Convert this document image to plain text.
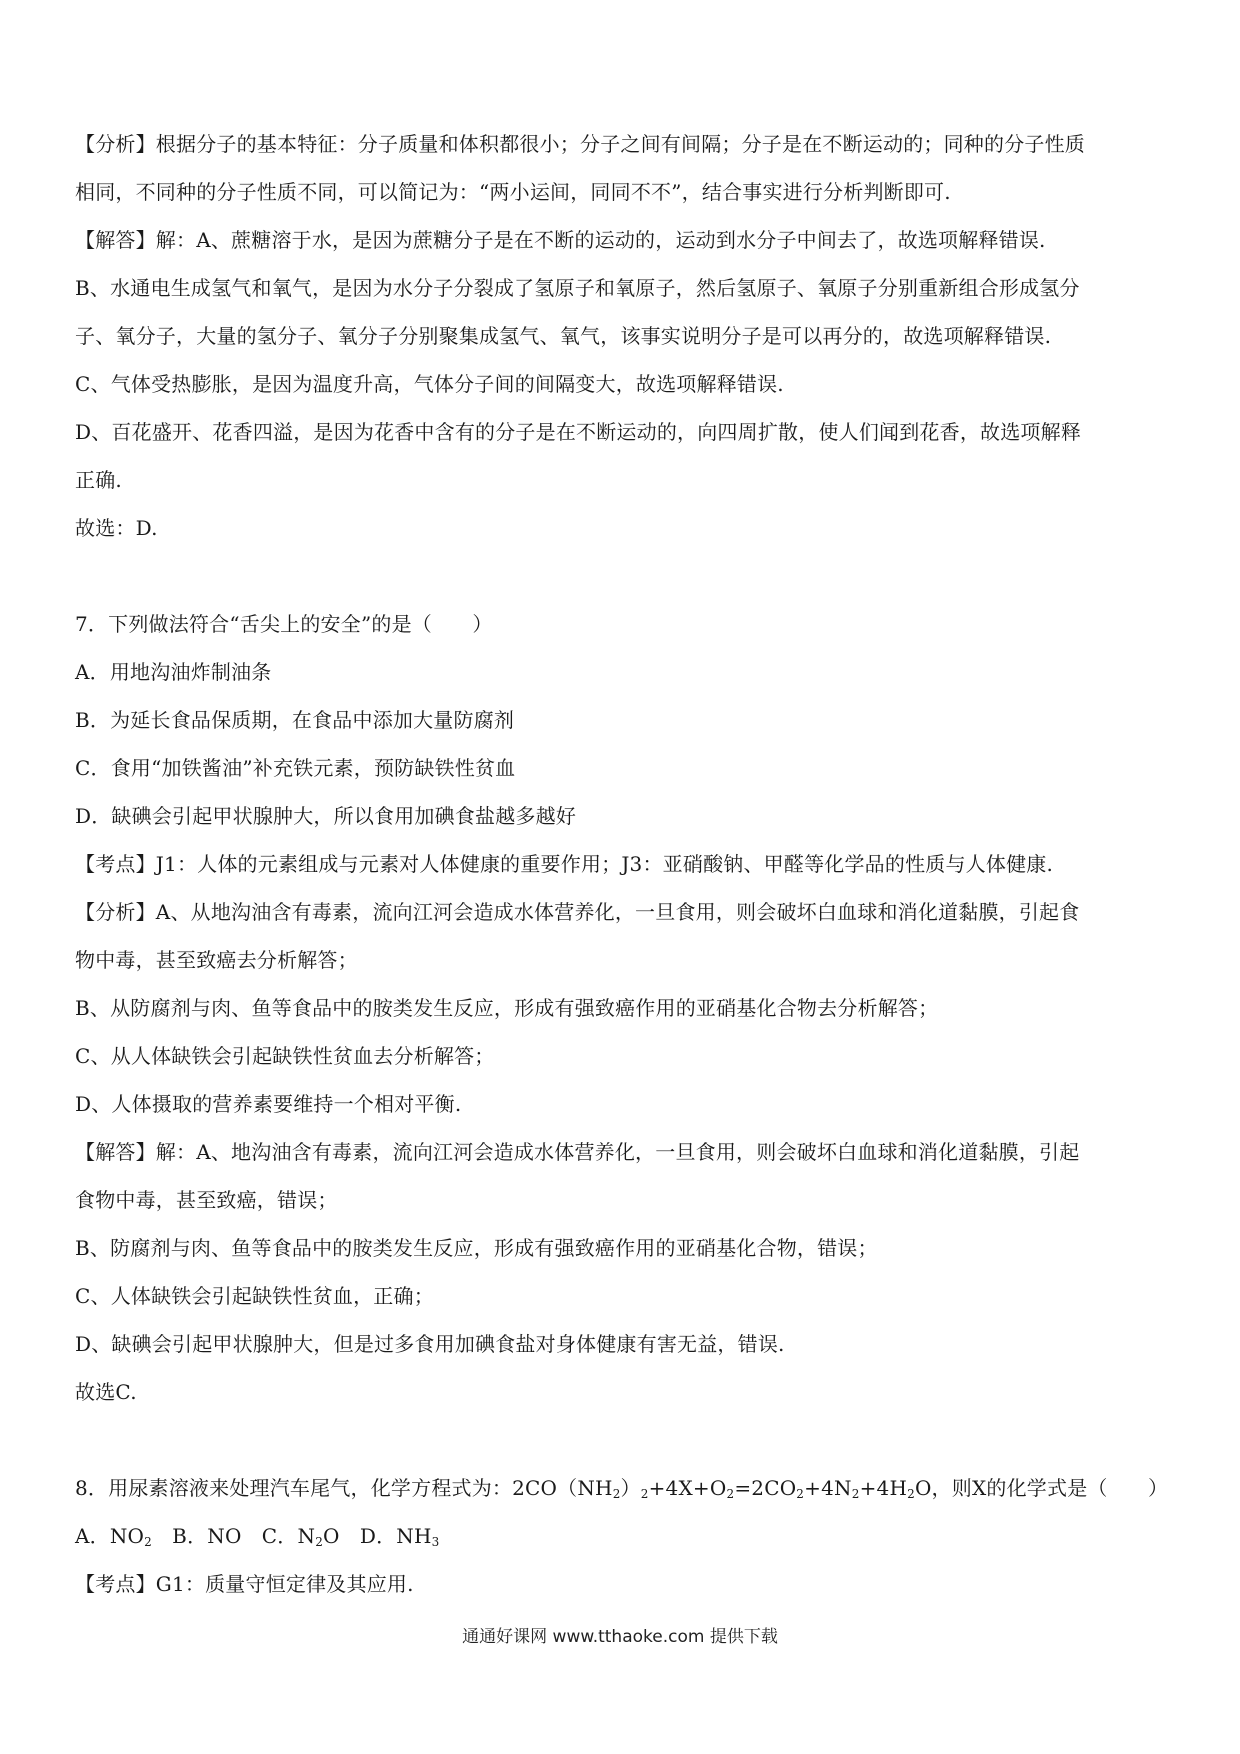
【分析】根据分子的基本特征：分子质量和体积都很小；分子之间有间隔；分子是在不断运动的；同种的分子性质
相同，不同种的分子性质不同，可以简记为：“两小运间，同同不不”，结合事实进行分析判断即可.
【解答】解：A、蔗糖溶于水，是因为蔗糖分子是在不断的运动的，运动到水分子中间去了，故选项解释错误.
B、水通电生成氢气和氧气，是因为水分子分裂成了氢原子和氧原子，然后氢原子、氧原子分别重新组合形成氢分
子、氧分子，大量的氢分子、氧分子分别聚集成氢气、氧气，该事实说明分子是可以再分的，故选项解释错误.
C、气体受热膨胀，是因为温度升高，气体分子间的间隔变大，故选项解释错误.
D、百花盛开、花香四溢，是因为花香中含有的分子是在不断运动的，向四周扩散，使人们闻到花香，故选项解释
正确.
故选：D.
7．下列做法符合“舌尖上的安全”的是（　　）
A．用地沟油炸制油条
B．为延长食品保质期，在食品中添加大量防腐剂
C．食用“加铁酱油”补充铁元素，预防缺铁性贫血
D．缺碘会引起甲状腺肿大，所以食用加碘食盐越多越好
【考点】J1：人体的元素组成与元素对人体健康的重要作用；J3：亚硝酸钠、甲醛等化学品的性质与人体健康.
【分析】A、从地沟油含有毒素，流向江河会造成水体营养化，一旦食用，则会破坏白血球和消化道黏膜，引起食
物中毒，甚至致癌去分析解答；
B、从防腐剂与肉、鱼等食品中的胺类发生反应，形成有强致癌作用的亚硝基化合物去分析解答；
C、从人体缺铁会引起缺铁性贫血去分析解答；
D、人体摄取的营养素要维持一个相对平衡.
【解答】解：A、地沟油含有毒素，流向江河会造成水体营养化，一旦食用，则会破坏白血球和消化道黏膜，引起
食物中毒，甚至致癌，错误；
B、防腐剂与肉、鱼等食品中的胺类发生反应，形成有强致癌作用的亚硝基化合物，错误；
C、人体缺铁会引起缺铁性贫血，正确；
D、缺碘会引起甲状腺肿大，但是过多食用加碘食盐对身体健康有害无益，错误.
故选C.
8．用尿素溶液来处理汽车尾气，化学方程式为：$2CO(NH_2)_2+4X+O_2=2CO_2+4N_2+4H_2O$，则X的化学式是（　　）
A．$NO_2$　B．NO　C．$N_2O$　D．$NH_3$
【考点】G1：质量守恒定律及其应用.
通通好课网 www.tthaoke.com 提供下载
